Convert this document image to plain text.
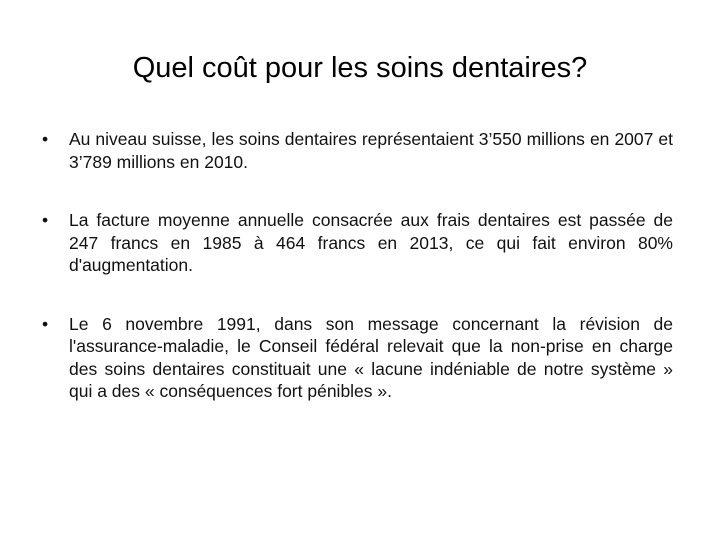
Quel coût pour les soins dentaires?
•	Au niveau suisse, les soins dentaires représentaient 3’550 millions en 2007 et 3’789 millions en 2010.
•	La facture moyenne annuelle consacrée aux frais dentaires est passée de 247 francs en 1985 à 464 francs en 2013, ce qui fait environ 80% d'augmentation.
•	Le 6 novembre 1991, dans son message concernant la révision de l'assurance-maladie, le Conseil fédéral relevait que la non-prise en charge des soins dentaires constituait une « lacune indéniable de notre système » qui a des « conséquences fort pénibles ».
